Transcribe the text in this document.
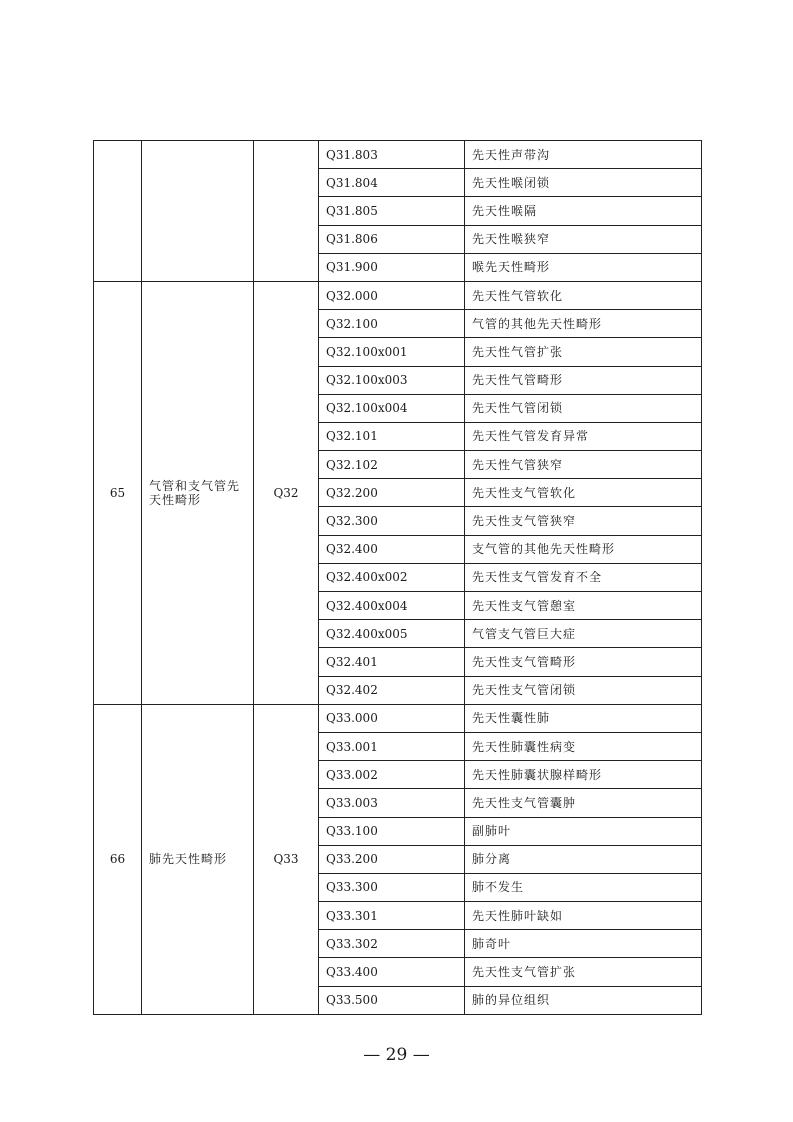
			Q31.803	先天性声带沟
			Q31.804	先天性喉闭锁
			Q31.805	先天性喉隔
			Q31.806	先天性喉狭窄
			Q31.900	喉先天性畸形
65	气管和支气管先天性畸形	Q32	Q32.000	先天性气管软化
			Q32.100	气管的其他先天性畸形
			Q32.100x001	先天性气管扩张
			Q32.100x003	先天性气管畸形
			Q32.100x004	先天性气管闭锁
			Q32.101	先天性气管发育异常
			Q32.102	先天性气管狭窄
			Q32.200	先天性支气管软化
			Q32.300	先天性支气管狭窄
			Q32.400	支气管的其他先天性畸形
			Q32.400x002	先天性支气管发育不全
			Q32.400x004	先天性支气管憩室
			Q32.400x005	气管支气管巨大症
			Q32.401	先天性支气管畸形
			Q32.402	先天性支气管闭锁
66	肺先天性畸形	Q33	Q33.000	先天性囊性肺
			Q33.001	先天性肺囊性病变
			Q33.002	先天性肺囊状腺样畸形
			Q33.003	先天性支气管囊肿
			Q33.100	副肺叶
			Q33.200	肺分离
			Q33.300	肺不发生
			Q33.301	先天性肺叶缺如
			Q33.302	肺奇叶
			Q33.400	先天性支气管扩张
			Q33.500	肺的异位组织
— 29 —
